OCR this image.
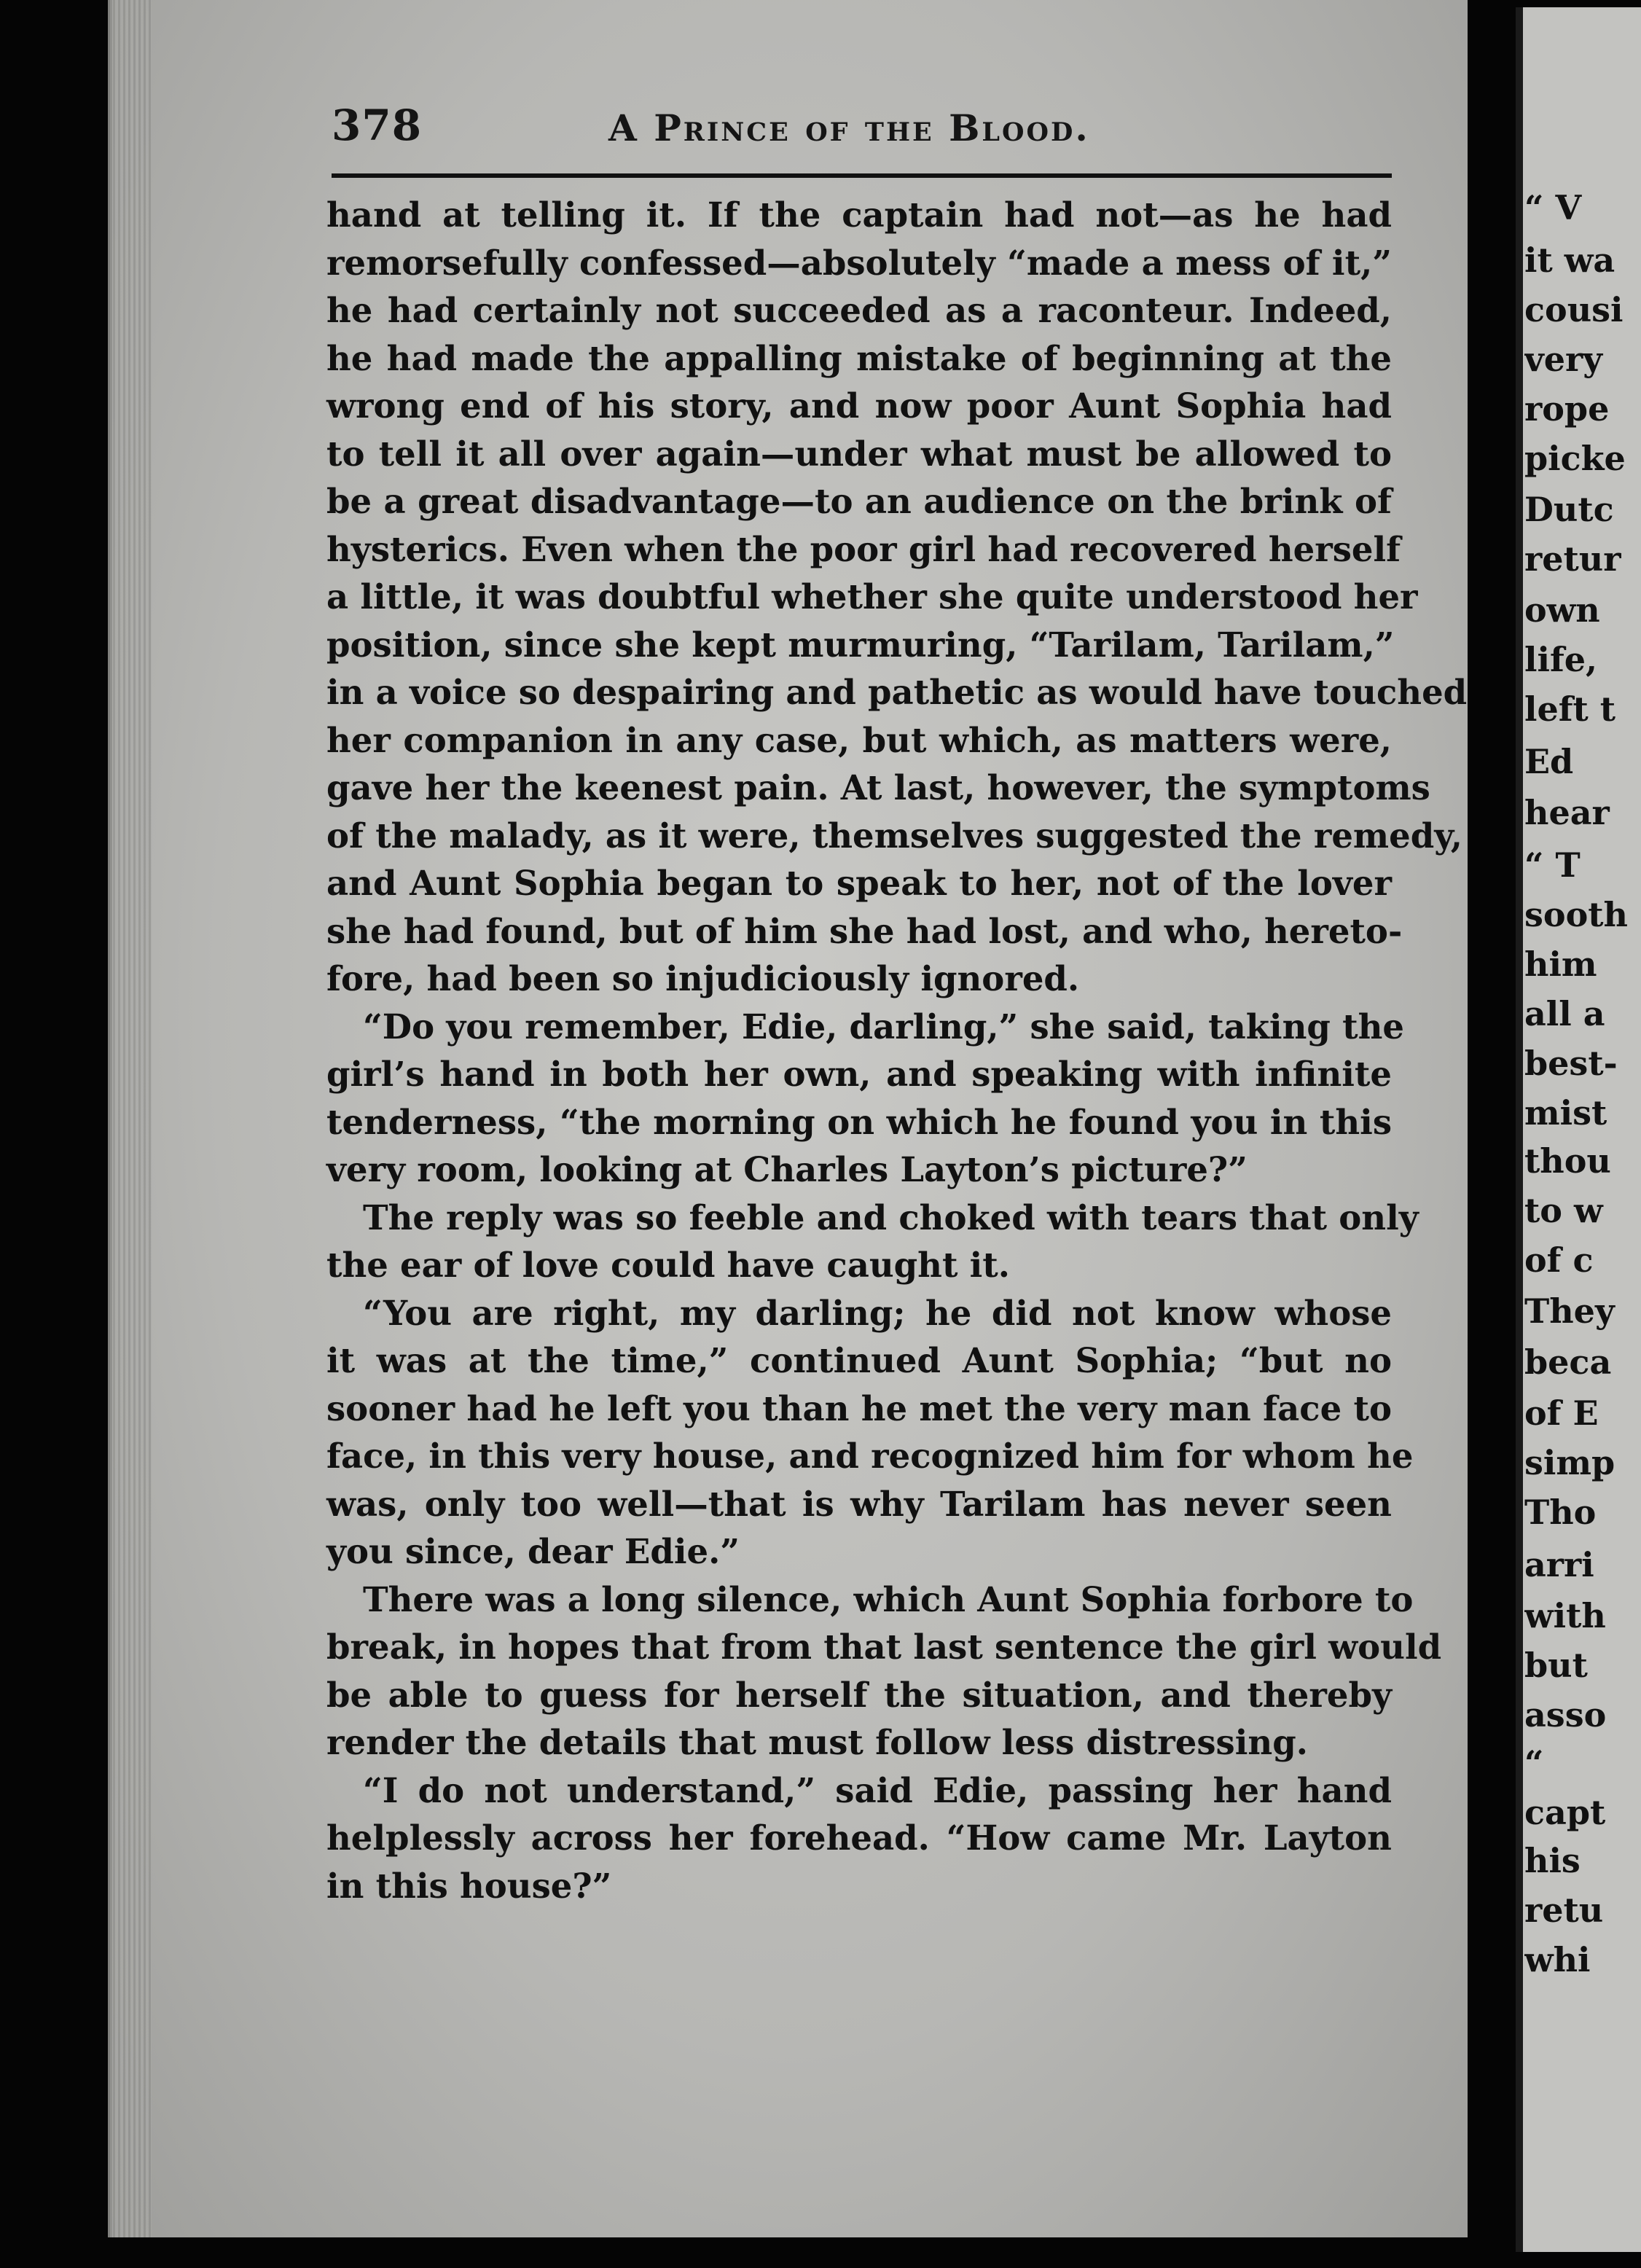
378	A Prince of the Blood.

hand at telling it. If the captain had not—as he had
remorsefully confessed—absolutely “made a mess of it,”
he had certainly not succeeded as a raconteur. Indeed,
he had made the appalling mistake of beginning at the
wrong end of his story, and now poor Aunt Sophia had
to tell it all over again—under what must be allowed to
be a great disadvantage—to an audience on the brink of
hysterics. Even when the poor girl had recovered herself
a little, it was doubtful whether she quite understood her
position, since she kept murmuring, “Tarilam, Tarilam,”
in a voice so despairing and pathetic as would have touched
her companion in any case, but which, as matters were,
gave her the keenest pain. At last, however, the symptoms
of the malady, as it were, themselves suggested the remedy,
and Aunt Sophia began to speak to her, not of the lover
she had found, but of him she had lost, and who, hereto-
fore, had been so injudiciously ignored.

“Do you remember, Edie, darling,” she said, taking the
girl’s hand in both her own, and speaking with infinite
tenderness, “the morning on which he found you in this
very room, looking at Charles Layton’s picture?”

The reply was so feeble and choked with tears that only
the ear of love could have caught it.

“You are right, my darling; he did not know whose
it was at the time,” continued Aunt Sophia; “but no
sooner had he left you than he met the very man face to
face, in this very house, and recognized him for whom he
was, only too well—that is why Tarilam has never seen
you since, dear Edie.”

There was a long silence, which Aunt Sophia forbore to
break, in hopes that from that last sentence the girl would
be able to guess for herself the situation, and thereby
render the details that must follow less distressing.

“I do not understand,” said Edie, passing her hand
helplessly across her forehead. “How came Mr. Layton
in this house?”

“ V
it wa
cousi
very
rope
picke
Dutc
retur
own
life,
left t
Ed
hear
“ T
sooth
him
all a
best-
mist
thou
to w
of c
They
beca
of E
simp
Tho
arri
with
but
asso
“
capt
his
retu
whi
